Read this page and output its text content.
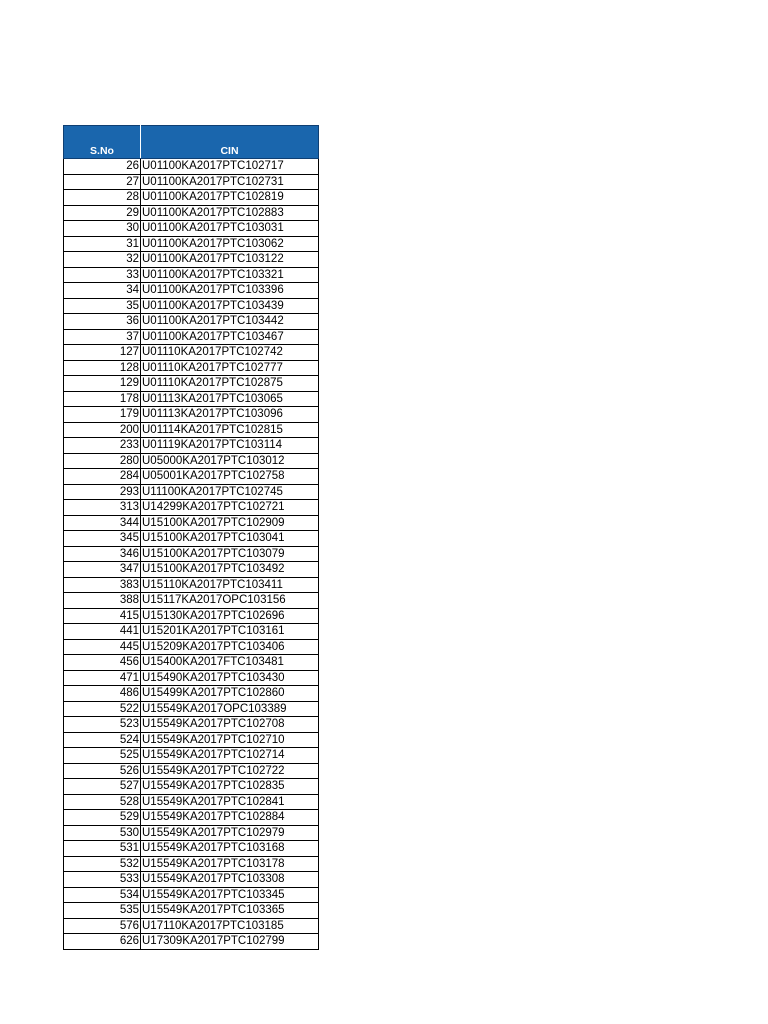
S.No	CIN
26	U01100KA2017PTC102717
27	U01100KA2017PTC102731
28	U01100KA2017PTC102819
29	U01100KA2017PTC102883
30	U01100KA2017PTC103031
31	U01100KA2017PTC103062
32	U01100KA2017PTC103122
33	U01100KA2017PTC103321
34	U01100KA2017PTC103396
35	U01100KA2017PTC103439
36	U01100KA2017PTC103442
37	U01100KA2017PTC103467
127	U01110KA2017PTC102742
128	U01110KA2017PTC102777
129	U01110KA2017PTC102875
178	U01113KA2017PTC103065
179	U01113KA2017PTC103096
200	U01114KA2017PTC102815
233	U01119KA2017PTC103114
280	U05000KA2017PTC103012
284	U05001KA2017PTC102758
293	U11100KA2017PTC102745
313	U14299KA2017PTC102721
344	U15100KA2017PTC102909
345	U15100KA2017PTC103041
346	U15100KA2017PTC103079
347	U15100KA2017PTC103492
383	U15110KA2017PTC103411
388	U15117KA2017OPC103156
415	U15130KA2017PTC102696
441	U15201KA2017PTC103161
445	U15209KA2017PTC103406
456	U15400KA2017FTC103481
471	U15490KA2017PTC103430
486	U15499KA2017PTC102860
522	U15549KA2017OPC103389
523	U15549KA2017PTC102708
524	U15549KA2017PTC102710
525	U15549KA2017PTC102714
526	U15549KA2017PTC102722
527	U15549KA2017PTC102835
528	U15549KA2017PTC102841
529	U15549KA2017PTC102884
530	U15549KA2017PTC102979
531	U15549KA2017PTC103168
532	U15549KA2017PTC103178
533	U15549KA2017PTC103308
534	U15549KA2017PTC103345
535	U15549KA2017PTC103365
576	U17110KA2017PTC103185
626	U17309KA2017PTC102799
